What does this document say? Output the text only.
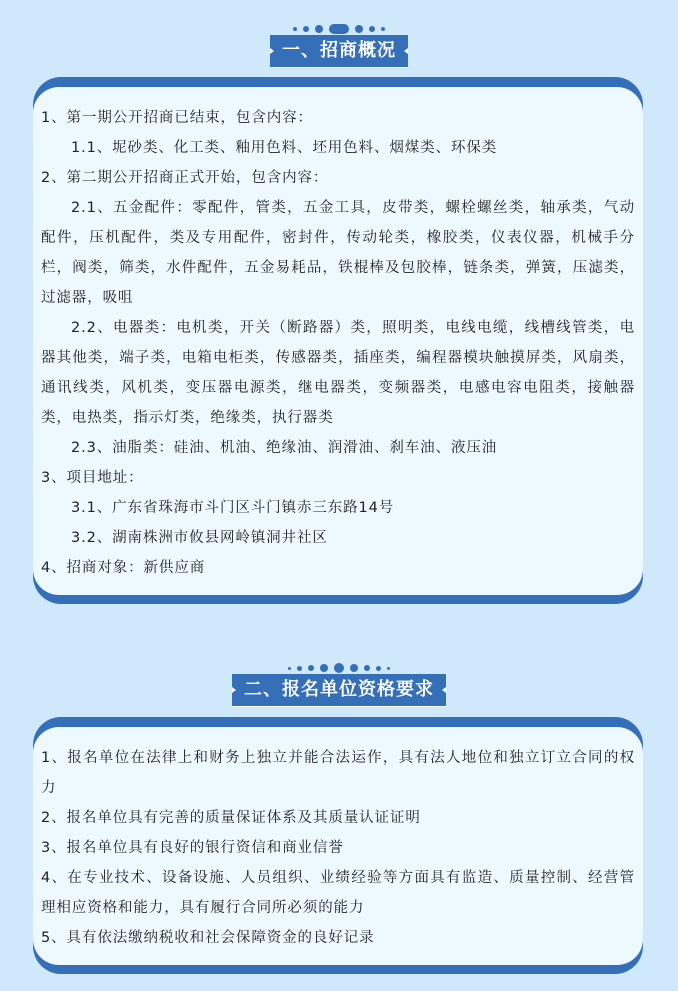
一、招商概况
1、第一期公开招商已结束，包含内容：
1.1、坭砂类、化工类、釉用色料、坯用色料、烟煤类、环保类
2、第二期公开招商正式开始，包含内容：
2.1、五金配件：零配件，管类，五金工具，皮带类，螺栓螺丝类，轴承类，气动配件，压机配件，类及专用配件，密封件，传动轮类，橡胶类，仪表仪器，机械手分栏，阀类，筛类，水件配件，五金易耗品，铁棍棒及包胶棒，链条类，弹簧，压滤类，过滤器，吸咀
2.2、电器类：电机类，开关（断路器）类，照明类，电线电缆，线槽线管类，电器其他类，端子类，电箱电柜类，传感器类，插座类，编程器模块触摸屏类，风扇类，通讯线类，风机类，变压器电源类，继电器类，变频器类，电感电容电阻类，接触器类，电热类，指示灯类，绝缘类，执行器类
2.3、油脂类：硅油、机油、绝缘油、润滑油、刹车油、液压油
3、项目地址：
3.1、广东省珠海市斗门区斗门镇赤三东路14号
3.2、湖南株洲市攸县网岭镇洞井社区
4、招商对象：新供应商
二、报名单位资格要求
1、报名单位在法律上和财务上独立并能合法运作，具有法人地位和独立订立合同的权力
2、报名单位具有完善的质量保证体系及其质量认证证明
3、报名单位具有良好的银行资信和商业信誉
4、在专业技术、设备设施、人员组织、业绩经验等方面具有监造、质量控制、经营管理相应资格和能力，具有履行合同所必须的能力
5、具有依法缴纳税收和社会保障资金的良好记录
